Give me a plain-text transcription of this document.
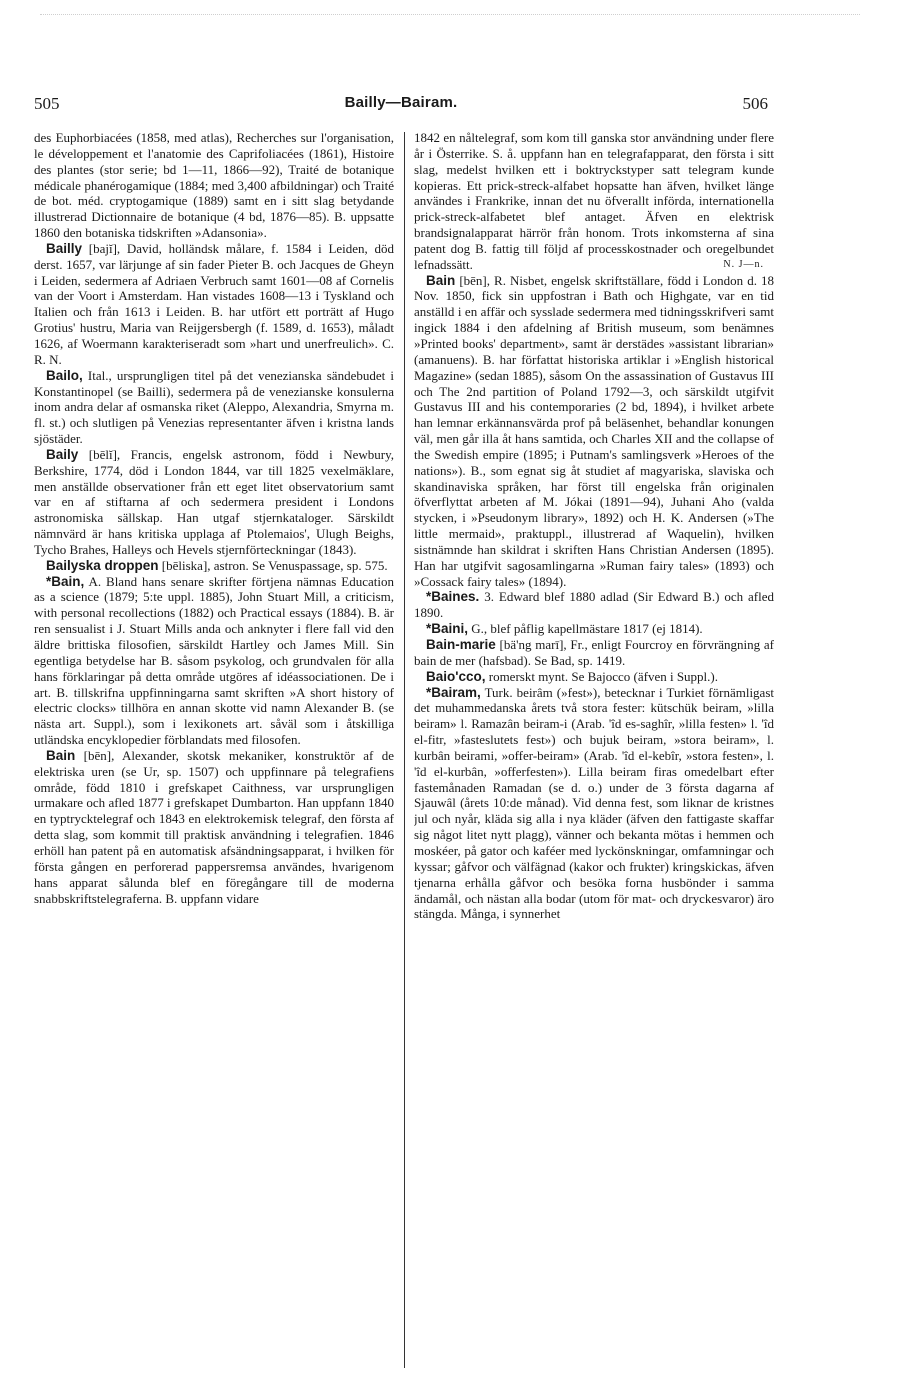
505	Bailly—Bairam.	506

des Euphorbiacées (1858, med atlas), Recherches sur l'organisation, le développement et l'anatomie des Caprifoliacées (1861), Histoire des plantes (stor serie; bd 1—11, 1866—92), Traité de botanique médicale phanérogamique (1884; med 3,400 afbildningar) och Traité de bot. méd. cryptogamique (1889) samt en i sitt slag betydande illustrerad Dictionnaire de botanique (4 bd, 1876—85). B. uppsatte 1860 den botaniska tidskriften »Adansonia».

Bailly [bajĭ], David, holländsk målare, f. 1584 i Leiden, död derst. 1657, var lärjunge af sin fader Pieter B. och Jacques de Gheyn i Leiden, sedermera af Adriaen Verbruch samt 1601—08 af Cornelis van der Voort i Amsterdam. Han vistades 1608—13 i Tyskland och Italien och från 1613 i Leiden. B. har utfört ett porträtt af Hugo Grotius' hustru, Maria van Reijgersbergh (f. 1589, d. 1653), måladt 1626, af Woermann karakteriseradt som »hart und unerfreulich». C. R. N.

Bailo, Ital., ursprungligen titel på det venezianska sändebudet i Konstantinopel (se Bailli), sedermera på de venezianske konsulerna inom andra delar af osmanska riket (Aleppo, Alexandria, Smyrna m. fl. st.) och slutligen på Venezias representanter äfven i kristna lands sjöstäder.

Baily [bēlĭ], Francis, engelsk astronom, född i Newbury, Berkshire, 1774, död i London 1844, var till 1825 vexelmäklare, men anställde observationer från ett eget litet observatorium samt var en af stiftarna af och sedermera president i Londons astronomiska sällskap. Han utgaf stjernkataloger. Särskildt nämnvärd är hans kritiska upplaga af Ptolemaios', Ulugh Beighs, Tycho Brahes, Halleys och Hevels stjernförteckningar (1843).

Bailyska droppen [bēliska], astron. Se Venuspassage, sp. 575.

*Bain, A. Bland hans senare skrifter förtjena nämnas Education as a science (1879; 5:te uppl. 1885), John Stuart Mill, a criticism, with personal recollections (1882) och Practical essays (1884). B. är ren sensualist i J. Stuart Mills anda och anknyter i flere fall vid den äldre brittiska filosofien, särskildt Hartley och James Mill. Sin egentliga betydelse har B. såsom psykolog, och grundvalen för alla hans förklaringar på detta område utgöres af idéassociationen. De i art. B. tillskrifna uppfinningarna samt skriften »A short history of electric clocks» tillhöra en annan skotte vid namn Alexander B. (se nästa art. Suppl.), som i lexikonets art. såväl som i åtskilliga utländska encyklopedier förblandats med filosofen.

Bain [bēn], Alexander, skotsk mekaniker, konstruktör af de elektriska uren (se Ur, sp. 1507) och uppfinnare på telegrafiens område, född 1810 i grefskapet Caithness, var ursprungligen urmakare och afled 1877 i grefskapet Dumbarton. Han uppfann 1840 en typtrycktelegraf och 1843 en elektrokemisk telegraf, den första af detta slag, som kommit till praktisk användning i telegrafien. 1846 erhöll han patent på en automatisk afsändningsapparat, i hvilken för första gången en perforerad pappersremsa användes, hvarigenom hans apparat sålunda blef en föregångare till de moderna snabbskriftstelegraferna. B. uppfann vidare

1842 en nåltelegraf, som kom till ganska stor användning under flere år i Österrike. S. å. uppfann han en telegrafapparat, den första i sitt slag, medelst hvilken ett i boktryckstyper satt telegram kunde kopieras. Ett prick-streck-alfabet hopsatte han äfven, hvilket länge användes i Frankrike, innan det nu öfverallt införda, internationella prick-streck-alfabetet blef antaget. Äfven en elektrisk brandsignalapparat härrör från honom. Trots inkomsterna af sina patent dog B. fattig till följd af processkostnader och oregelbundet lefnadssätt.	N. J—n.

Bain [bēn], R. Nisbet, engelsk skriftställare, född i London d. 18 Nov. 1850, fick sin uppfostran i Bath och Highgate, var en tid anställd i en affär och sysslade sedermera med tidningsskrifveri samt ingick 1884 i den afdelning af British museum, som benämnes »Printed books' department», samt är derstädes »assistant librarian» (amanuens). B. har författat historiska artiklar i »English historical Magazine» (sedan 1885), såsom On the assassination of Gustavus III och The 2nd partition of Poland 1792—3, och särskildt utgifvit Gustavus III and his contemporaries (2 bd, 1894), i hvilket arbete han lemnar erkännansvärda prof på beläsenhet, behandlar konungen väl, men går illa åt hans samtida, och Charles XII and the collapse of the Swedish empire (1895; i Putnam's samlingsverk »Heroes of the nations»). B., som egnat sig åt studiet af magyariska, slaviska och skandinaviska språken, har först till engelska från originalen öfverflyttat arbeten af M. Jókai (1891—94), Juhani Aho (valda stycken, i »Pseudonym library», 1892) och H. K. Andersen (»The little mermaid», praktuppl., illustrerad af Waquelin), hvilken sistnämnde han skildrat i skriften Hans Christian Andersen (1895). Han har utgifvit sagosamlingarna »Ruman fairy tales» (1893) och »Cossack fairy tales» (1894).

*Baines. 3. Edward blef 1880 adlad (Sir Edward B.) och afled 1890.

*Baini, G., blef påflig kapellmästare 1817 (ej 1814).

Bain-marie [bä'ng marī], Fr., enligt Fourcroy en förvrängning af bain de mer (hafsbad). Se Bad, sp. 1419.

Baio'cco, romerskt mynt. Se Bajocco (äfven i Suppl.).

*Bairam, Turk. beirâm (»fest»), betecknar i Turkiet förnämligast det muhammedanska årets två stora fester: kütschük beiram, »lilla beiram» l. Ramazân beiram-i (Arab. 'îd es-saghîr, »lilla festen» l. 'îd el-fitr, »fasteslutets fest») och bujuk beiram, »stora beiram», l. kurbân beirami, »offer-beiram» (Arab. 'îd el-kebîr, »stora festen», l. 'îd el-kurbân, »offerfesten»). Lilla beiram firas omedelbart efter fastemånaden Ramadan (se d. o.) under de 3 första dagarna af Sjauwâl (årets 10:de månad). Vid denna fest, som liknar de kristnes jul och nyår, kläda sig alla i nya kläder (äfven den fattigaste skaffar sig något litet nytt plagg), vänner och bekanta mötas i hemmen och moskéer, på gator och kaféer med lyckönskningar, omfamningar och kyssar; gåfvor och välfägnad (kakor och frukter) kringskickas, äfven tjenarna erhålla gåfvor och besöka forna husbönder i samma ändamål, och nästan alla bodar (utom för mat- och dryckesvaror) äro stängda. Många, i synnerhet
